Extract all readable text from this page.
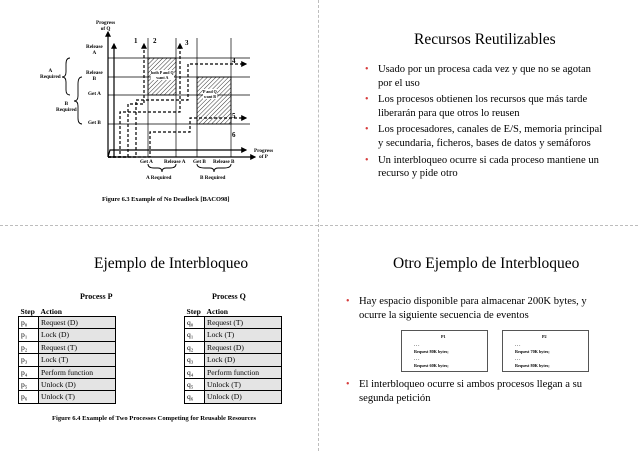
Progress
of Q
Release
A
Release
B
Get A
Get B
A
Required
B
Required
Progress
of P
Get A Release A Get B Release B
A Required	B Required
1 2	3
4
5
6
both P and Q
want A
P and Q
want B
Figure 6.3 Example of No Deadlock [BACO98]
Recursos Reutilizables
• Usado por un procesa cada vez y que no se agotan por el uso
• Los procesos obtienen los recursos que más tarde liberarán para que otros lo reusen
• Los procesadores, canales de E/S, memoria principal y secundaria, ficheros, bases de datos y semáforos
• Un interbloqueo ocurre si cada proceso mantiene un recurso y pide otro
Ejemplo de Interbloqueo
Process P	Process Q
Step	Action
p₀	Request (D)
p₁	Lock (D)
p₂	Request (T)
p₃	Lock (T)
p₄	Perform function
p₅	Unlock (D)
p₆	Unlock (T)
Step	Action
q₀	Request (T)
q₁	Lock (T)
q₂	Request (D)
q₃	Lock (D)
q₄	Perform function
q₅	Unlock (T)
q₆	Unlock (D)
Figure 6.4 Example of Two Processes Competing for Reusable Resources
Otro Ejemplo de Interbloqueo
• Hay espacio disponible para almacenar 200K bytes, y ocurre la siguiente secuencia de eventos
P1
. . .
Request 80K bytes;
. . .
Request 60K bytes;
P2
. . .
Request 70K bytes;
. . .
Request 80K bytes;
• El interbloqueo ocurre si ambos procesos llegan a su segunda petición
